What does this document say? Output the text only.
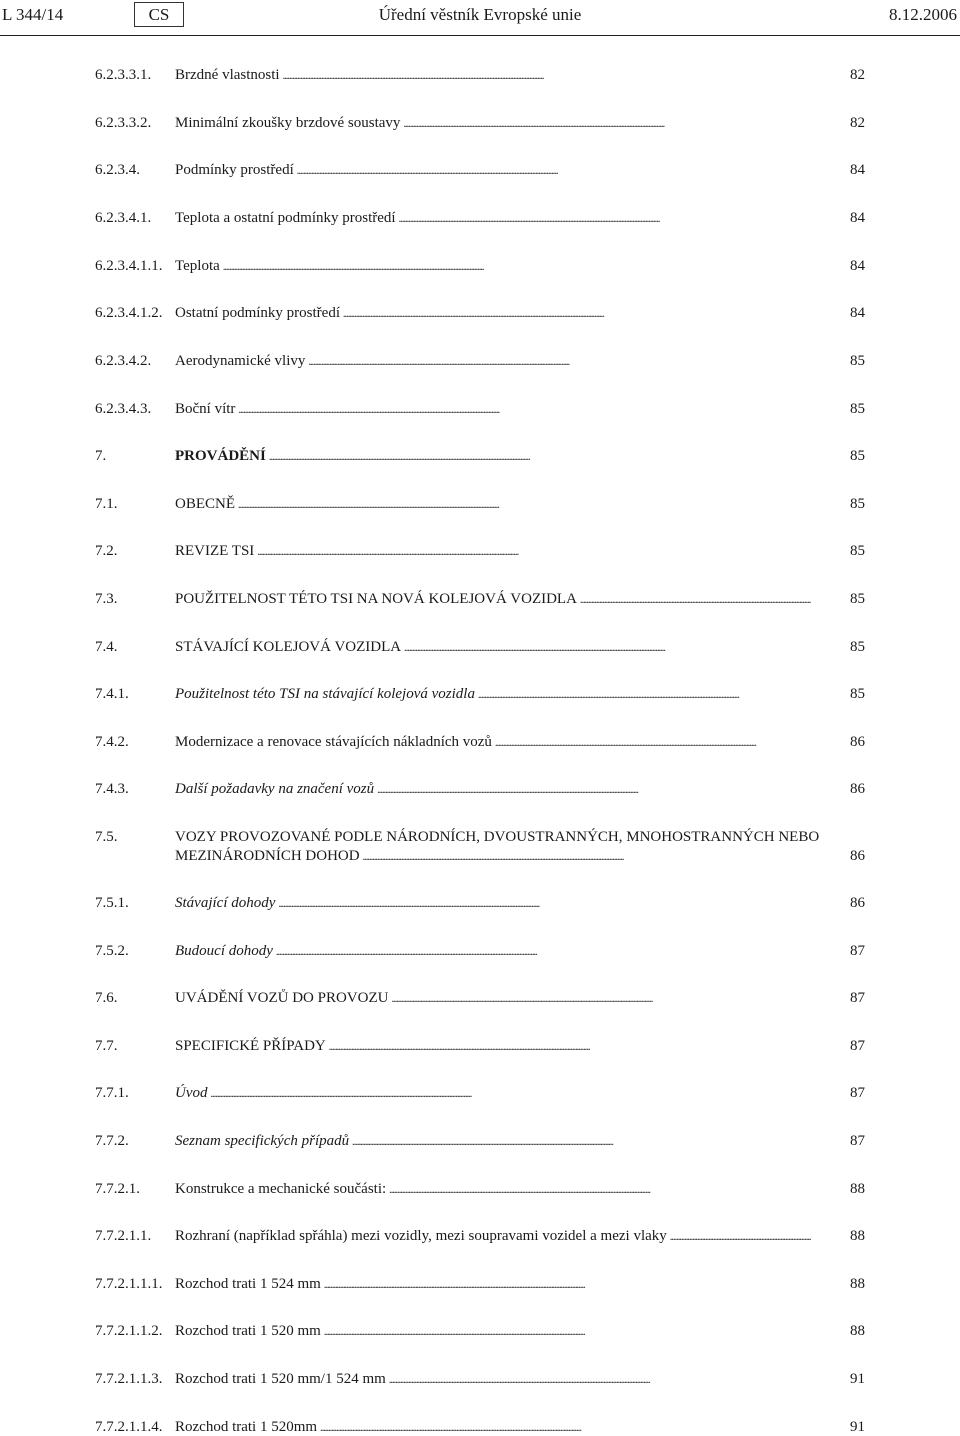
L 344/14	CS	Úřední věstník Evropské unie	8.12.2006
6.2.3.3.1. Brzdné vlastnosti . . .	82
6.2.3.3.2. Minimální zkoušky brzdové soustavy . . .	82
6.2.3.4. Podmínky prostředí . . .	84
6.2.3.4.1. Teplota a ostatní podmínky prostředí . . .	84
6.2.3.4.1.1. Teplota . . .	84
6.2.3.4.1.2. Ostatní podmínky prostředí . . .	84
6.2.3.4.2. Aerodynamické vlivy . . .	85
6.2.3.4.3. Boční vítr . . .	85
7.	PROVÁDĚNÍ . . .	85
7.1.	OBECNĚ . . .	85
7.2.	REVIZE TSI . . .	85
7.3.	POUŽITELNOST TÉTO TSI NA NOVÁ KOLEJOVÁ VOZIDLA . . .	85
7.4.	STÁVAJÍCÍ KOLEJOVÁ VOZIDLA . . .	85
7.4.1.	Použitelnost této TSI na stávající kolejová vozidla . . .	85
7.4.2.	Modernizace a renovace stávajících nákladních vozů . . .	86
7.4.3.	Další požadavky na značení vozů . . .	86
7.5.	VOZY PROVOZOVANÉ PODLE NÁRODNÍCH, DVOUSTRANNÝCH, MNOHOSTRANNÝCH NEBO
MEZINÁRODNÍCH DOHOD . . .	86
7.5.1.	Stávající dohody . . .	86
7.5.2.	Budoucí dohody . . .	87
7.6.	UVÁDĚNÍ VOZŮ DO PROVOZU . . .	87
7.7.	SPECIFICKÉ PŘÍPADY . . .	87
7.7.1.	Úvod . . .	87
7.7.2.	Seznam specifických případů . . .	87
7.7.2.1. Konstrukce a mechanické součásti: . . .	88
7.7.2.1.1. Rozhraní (například spřáhla) mezi vozidly, mezi soupravami vozidel a mezi vlaky . . .	88
7.7.2.1.1.1. Rozchod trati 1 524 mm . . .	88
7.7.2.1.1.2. Rozchod trati 1 520 mm . . .	88
7.7.2.1.1.3. Rozchod trati 1 520 mm/1 524 mm . . .	91
7.7.2.1.1.4. Rozchod trati 1 520mm . . .	91
